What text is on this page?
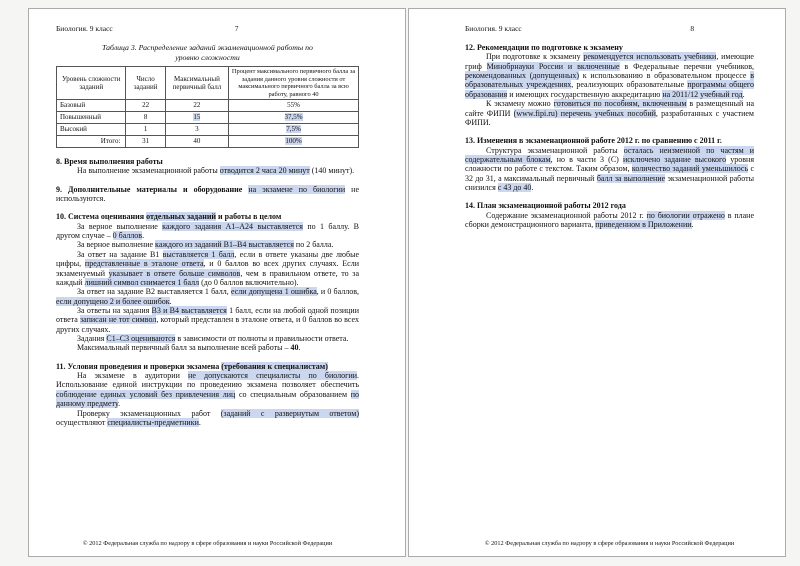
Биология. 9 класс	7
Таблица 3. Распределение заданий экзаменационной работы по уровню сложности
Уровень сложности заданий	Число заданий	Максимальный первичный балл	Процент максимального первичного балла за задания данного уровня сложности от максимального первичного балла за всю работу, равного 40
Базовый	22	22	55%
Повышенный	8	15	37,5%
Высокий	1	3	7,5%
Итого:	31	40	100%
8. Время выполнения работы

На выполнение экзаменационной работы отводится 2 часа 20 минут (140 минут).

9. Дополнительные материалы и оборудование на экзамене по биологии не используются.

10. Система оценивания отдельных заданий и работы в целом

За верное выполнение каждого задания А1–А24 выставляется по 1 баллу. В другом случае – 0 баллов.

За верное выполнение каждого из заданий В1–В4 выставляется по 2 балла.

За ответ на задание В1 выставляется 1 балл, если в ответе указаны две любые цифры, представленные в эталоне ответа, и 0 баллов во всех других случаях. Если экзаменуемый указывает в ответе больше символов, чем в правильном ответе, то за каждый лишний символ снимается 1 балл (до 0 баллов включительно).

За ответ на задание В2 выставляется 1 балл, если допущена 1 ошибка, и 0 баллов, если допущено 2 и более ошибок.

За ответы на задания В3 и В4 выставляется 1 балл, если на любой одной позиции ответа записан не тот символ, который представлен в эталоне ответа, и 0 баллов во всех других случаях.

Задания С1–С3 оцениваются в зависимости от полноты и правильности ответа.

Максимальный первичный балл за выполнение всей работы – 40.

11. Условия проведения и проверки экзамена (требования к специалистам)

На экзамене в аудитории не допускаются специалисты по биологии. Использование единой инструкции по проведению экзамена позволяет обеспечить соблюдение единых условий без привлечения лиц со специальным образованием по данному предмету.

Проверку экзаменационных работ (заданий с развернутым ответом) осуществляют специалисты-предметники.

© 2012 Федеральная служба по надзору в сфере образования и науки Российской Федерации
Биология. 9 класс	8
12. Рекомендации по подготовке к экзамену

При подготовке к экзамену рекомендуется использовать учебники, имеющие гриф Минобрнауки России и включенные в Федеральные перечни учебников, рекомендованных (допущенных) к использованию в образовательном процессе в образовательных учреждениях, реализующих образовательные программы общего образования и имеющих государственную аккредитацию на 2011/12 учебный год.

К экзамену можно готовиться по пособиям, включенным в размещенный на сайте ФИПИ (www.fipi.ru) перечень учебных пособий, разработанных с участием ФИПИ.

13. Изменения в экзаменационной работе 2012 г. по сравнению с 2011 г.

Структура экзаменационной работы осталась неизменной по частям и содержательным блокам, но в части 3 (С) исключено задание высокого уровня сложности по работе с текстом. Таким образом, количество заданий уменьшилось с 32 до 31, а максимальный первичный балл за выполнение экзаменационной работы снизился с 43 до 40.

14. План экзаменационной работы 2012 года

Содержание экзаменационной работы 2012 г. по биологии отражено в плане сборки демонстрационного варианта, приведенном в Приложении.

© 2012 Федеральная служба по надзору в сфере образования и науки Российской Федерации
